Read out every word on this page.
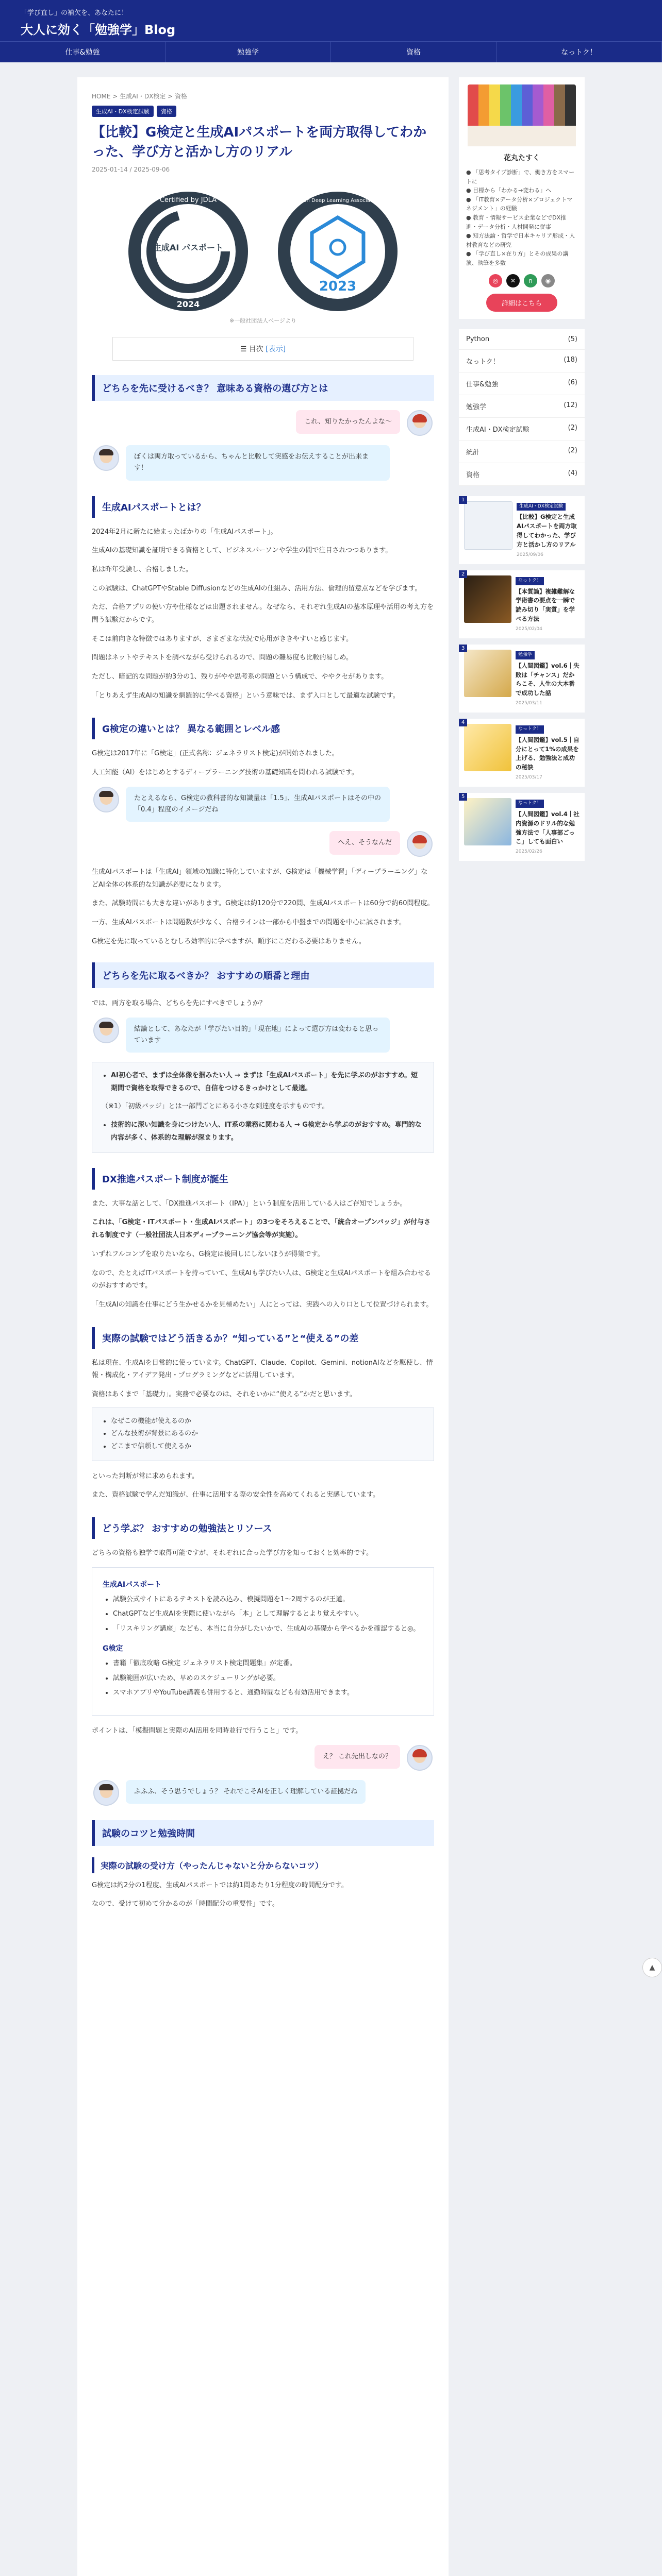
「学び直し」の補欠を、あなたに！
大人に効く「勉強学」Blog
仕事&勉強	勉強学	資格	なっトク！
HOME > 生成AI・DX検定 > 資格
生成AI・DX検定試験	資格
【比較】G検定と生成AIパスポートを両方取得してわかった、学び方と活かし方のリアル
2025-01-14 / 2025-09-06
Certified by JDLA
生成AI パスポート
2024
Japan Deep Learning Association
2023
※一般社団法人ページより
☰ 目次 [表示]
どちらを先に受けるべき？ 意味ある資格の選び方とは
これ、知りたかったんよな〜
ぼくは両方取っているから、ちゃんと比較して実感をお伝えすることが出来ます！
生成AIパスポートとは？

2024年2月に新たに始まったばかりの「生成AIパスポート」。

生成AIの基礎知識を証明できる資格として、ビジネスパーソンや学生の間で注目されつつあります。

私は昨年受験し、合格しました。

この試験は、ChatGPTやStable Diffusionなどの生成AIの仕組み、活用方法、倫理的留意点などを学びます。

ただ、合格アプリの使い方や仕様などは出題されません。なぜなら、それぞれ生成AIの基本原理や活用の考え方を問う試験だからです。

そこは前向きな特徴ではありますが、さまざまな状況で応用がききやすいと感じます。

問題はネットやテキストを調べながら受けられるので、問題の難易度も比較的易しめ。

ただし、暗記的な問題が約3分の1、残りがやや思考系の問題という構成で、ややクセがあります。

「とりあえず生成AIの知識を網羅的に学べる資格」という意味では、まず入口として最適な試験です。

G検定の違いとは？ 異なる範囲とレベル感

G検定は2017年に「G検定」(正式名称：ジェネラリスト検定)が開始されました。

人工知能（AI）をはじめとするディープラーニング技術の基礎知識を問われる試験です。

たとえるなら、G検定の教科書的な知識量は「1.5」、生成AIパスポートはその中の「0.4」程度のイメージだね
へえ、そうなんだ

生成AIパスポートは「生成AI」領域の知識に特化していますが、G検定は「機械学習」「ディープラーニング」などAI全体の体系的な知識が必要になります。

また、試験時間にも大きな違いがあります。G検定は約120分で220問、生成AIパスポートは60分で約60問程度。

一方、生成AIパスポートは問題数が少なく、合格ラインは一部から中盤までの問題を中心に試されます。

G検定を先に取っているとむしろ効率的に学べますが、順序にこだわる必要はありません。

どちらを先に取るべきか？ おすすめの順番と理由

では、両方を取る場合、どちらを先にすべきでしょうか？

結論として、あなたが「学びたい目的」「現在地」によって選び方は変わると思っています
• AI初心者で、まずは全体像を掴みたい人 → まずは「生成AIパスポート」を先に学ぶのがおすすめ。短期間で資格を取得できるので、自信をつけるきっかけとして最適。

（※1）「初級バッジ」とは一部門ごとにある小さな到達度を示すものです。

• 技術的に深い知識を身につけたい人、IT系の業務に関わる人 → G検定から学ぶのがおすすめ。専門的な内容が多く、体系的な理解が深まります。
DX推進パスポート制度が誕生

また、大事な話として、「DX推進パスポート（IPA）」という制度を活用している人はご存知でしょうか。

これは、「G検定・ITパスポート・生成AIパスポート」の3つをそろえることで、「統合オープンバッジ」が付与される制度です（一般社団法人日本ディープラーニング協会等が実施）。

いずれフルコンプを取りたいなら、G検定は後回しにしないほうが得策です。

なので、たとえばITパスポートを持っていて、生成AIも学びたい人は、G検定と生成AIパスポートを組み合わせるのがおすすめです。

「生成AIの知識を仕事にどう生かせるかを見極めたい」人にとっては、実践への入り口として位置づけられます。

実際の試験ではどう活きるか？“知っている”と“使える”の差

私は現在、生成AIを日常的に使っています。ChatGPT、Claude、Copilot、Gemini、notionAIなどを駆使し、情報・構成化・アイデア発出・プログラミングなどに活用しています。

資格はあくまで「基礎力」。実務で必要なのは、それをいかに“使える”かだと思います。

• なぜこの機能が使えるのか
• どんな技術が背景にあるのか
• どこまで信頼して使えるか

といった判断が常に求められます。

また、資格試験で学んだ知識が、仕事に活用する際の安全性を高めてくれると実感しています。

どう学ぶ？ おすすめの勉強法とリソース

どちらの資格も独学で取得可能ですが、それぞれに合った学び方を知っておくと効率的です。

生成AIパスポート
• 試験公式サイトにあるテキストを読み込み、模擬問題を1〜2周するのが王道。
• ChatGPTなど生成AIを実際に使いながら「本」として理解するとより覚えやすい。
• 「リスキリング講座」なども、本当に自分がしたいかで、生成AIの基礎から学べるかを確認すると◎。
G検定
• 書籍「徹底攻略 G検定 ジェネラリスト検定問題集」が定番。
• 試験範囲が広いため、早めのスケジューリングが必要。
• スマホアプリやYouTube講義も併用すると、通勤時間なども有効活用できます。

ポイントは、「模擬問題と実際のAI活用を同時並行で行うこと」です。

え？ これ先出しなの？
ふふふ、そう思うでしょう？ それでこそAIを正しく理解している証拠だね
試験のコツと勉強時間
実際の試験の受け方（やったんじゃないと分からないコツ）

G検定は約2分の1程度、生成AIパスポートでは約1問あたり1分程度の時間配分です。

なので、受けて初めて分かるのが「時間配分の重要性」です。

花丸たすく
● 「思考タイプ診断」で、働き方をスマートに
● 目標から「わかる→変わる」へ
● 「IT教育×データ分析×プロジェクトマネジメント」の経験
● 教育・情報サービス企業などでDX推進・データ分析・人材開発に従事
● 知方法論・哲学で日本キャリア形成・人材教育などの研究
● 「学び直し×在り方」とその成果の講演、執筆を多数
◎	✕	n	◉
詳細はこちら
Python	(5)
なっトク！	(18)
仕事&勉強	(6)
勉強学	(12)
生成AI・DX検定試験	(2)
統計	(2)
資格	(4)
1
生成AI・DX検定試験
【比較】G検定と生成AIパスポートを両方取得してわかった、学び方と活かし方のリアル
2025/09/06
2
なっトク！
【本質論】複雑難解な学術書の要点を一瞬で読み切り「実質」を学べる方法
2025/02/04
3
勉強学
【人間図鑑】vol.6｜失敗は「チャンス」だからこそ、人生の大本番で成功した話
2025/03/11
4
なっトク！
【人間図鑑】vol.5｜自分にとって1%の成果を上げる、勉強法と成功の秘訣
2025/03/17
5
なっトク！
【人間図鑑】vol.4｜社内資源のドリル的な勉強方法で「人事部ごっこ」しても面白い
2025/02/26
▲
